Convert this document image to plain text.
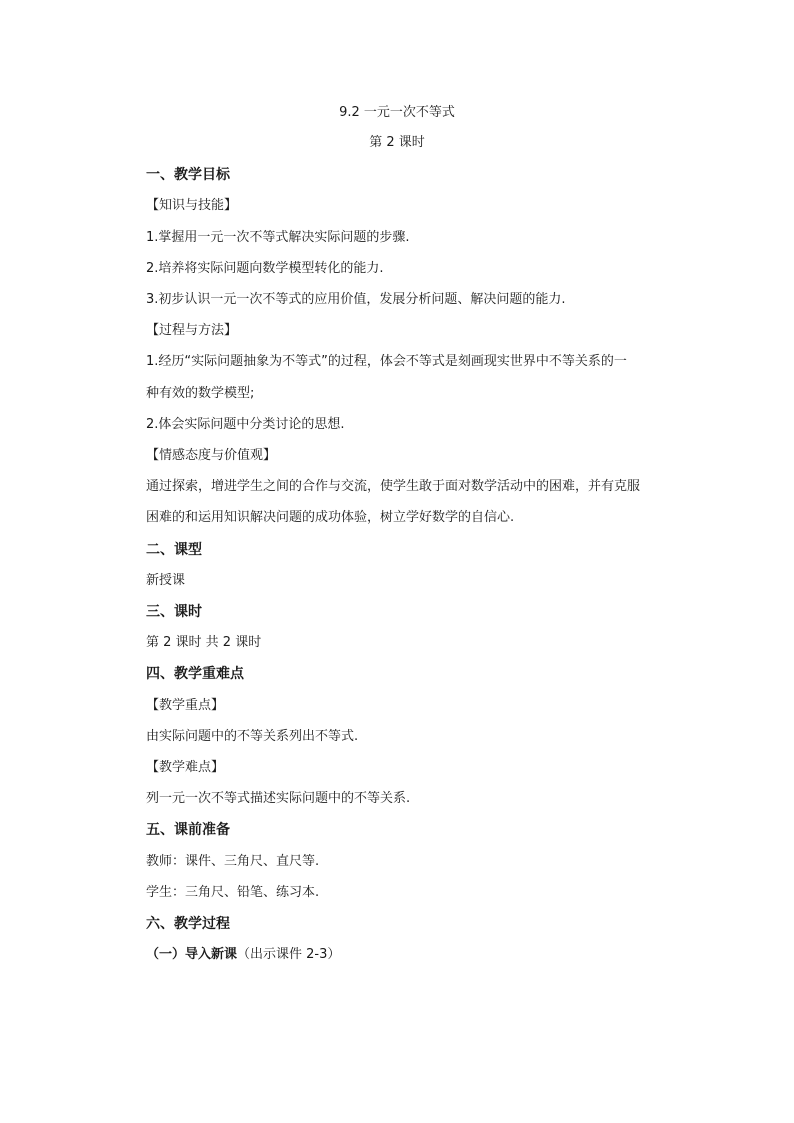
9.2 一元一次不等式
第 2 课时
一、教学目标
【知识与技能】
1.掌握用一元一次不等式解决实际问题的步骤.
2.培养将实际问题向数学模型转化的能力.
3.初步认识一元一次不等式的应用价值，发展分析问题、解决问题的能力.
【过程与方法】
1.经历“实际问题抽象为不等式”的过程，体会不等式是刻画现实世界中不等关系的一
种有效的数学模型;
2.体会实际问题中分类讨论的思想.
【情感态度与价值观】
通过探索，增进学生之间的合作与交流，使学生敢于面对数学活动中的困难，并有克服
困难的和运用知识解决问题的成功体验，树立学好数学的自信心.
二、课型
新授课
三、课时
第 2 课时 共 2 课时
四、教学重难点
【教学重点】
由实际问题中的不等关系列出不等式.
【教学难点】
列一元一次不等式描述实际问题中的不等关系.
五、课前准备
教师：课件、三角尺、直尺等.
学生：三角尺、铅笔、练习本.
六、教学过程
（一）导入新课（出示课件 2-3）
